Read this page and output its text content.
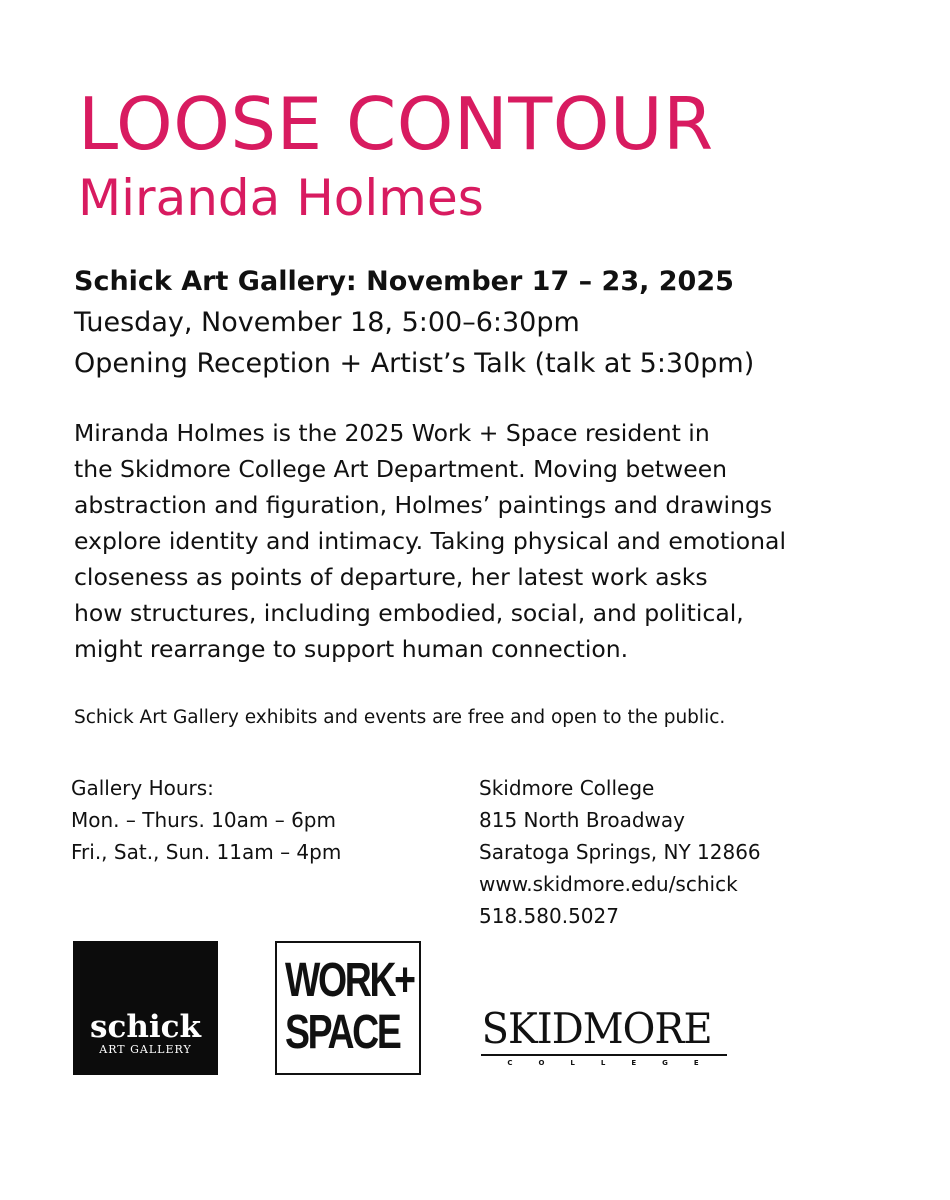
LOOSE CONTOUR
Miranda Holmes
Schick Art Gallery: November 17 – 23, 2025
Tuesday, November 18, 5:00–6:30pm
Opening Reception + Artist’s Talk (talk at 5:30pm)
Miranda Holmes is the 2025 Work + Space resident in
the Skidmore College Art Department. Moving between
abstraction and figuration, Holmes’ paintings and drawings
explore identity and intimacy. Taking physical and emotional
closeness as points of departure, her latest work asks
how structures, including embodied, social, and political,
might rearrange to support human connection.
Schick Art Gallery exhibits and events are free and open to the public.
Gallery Hours:
Mon. – Thurs. 10am – 6pm
Fri., Sat., Sun. 11am – 4pm
Skidmore College
815 North Broadway
Saratoga Springs, NY 12866
www.skidmore.edu/schick
518.580.5027
schick
ART GALLERY
WORK+
SPACE SKIDMORE
COLLEGE
